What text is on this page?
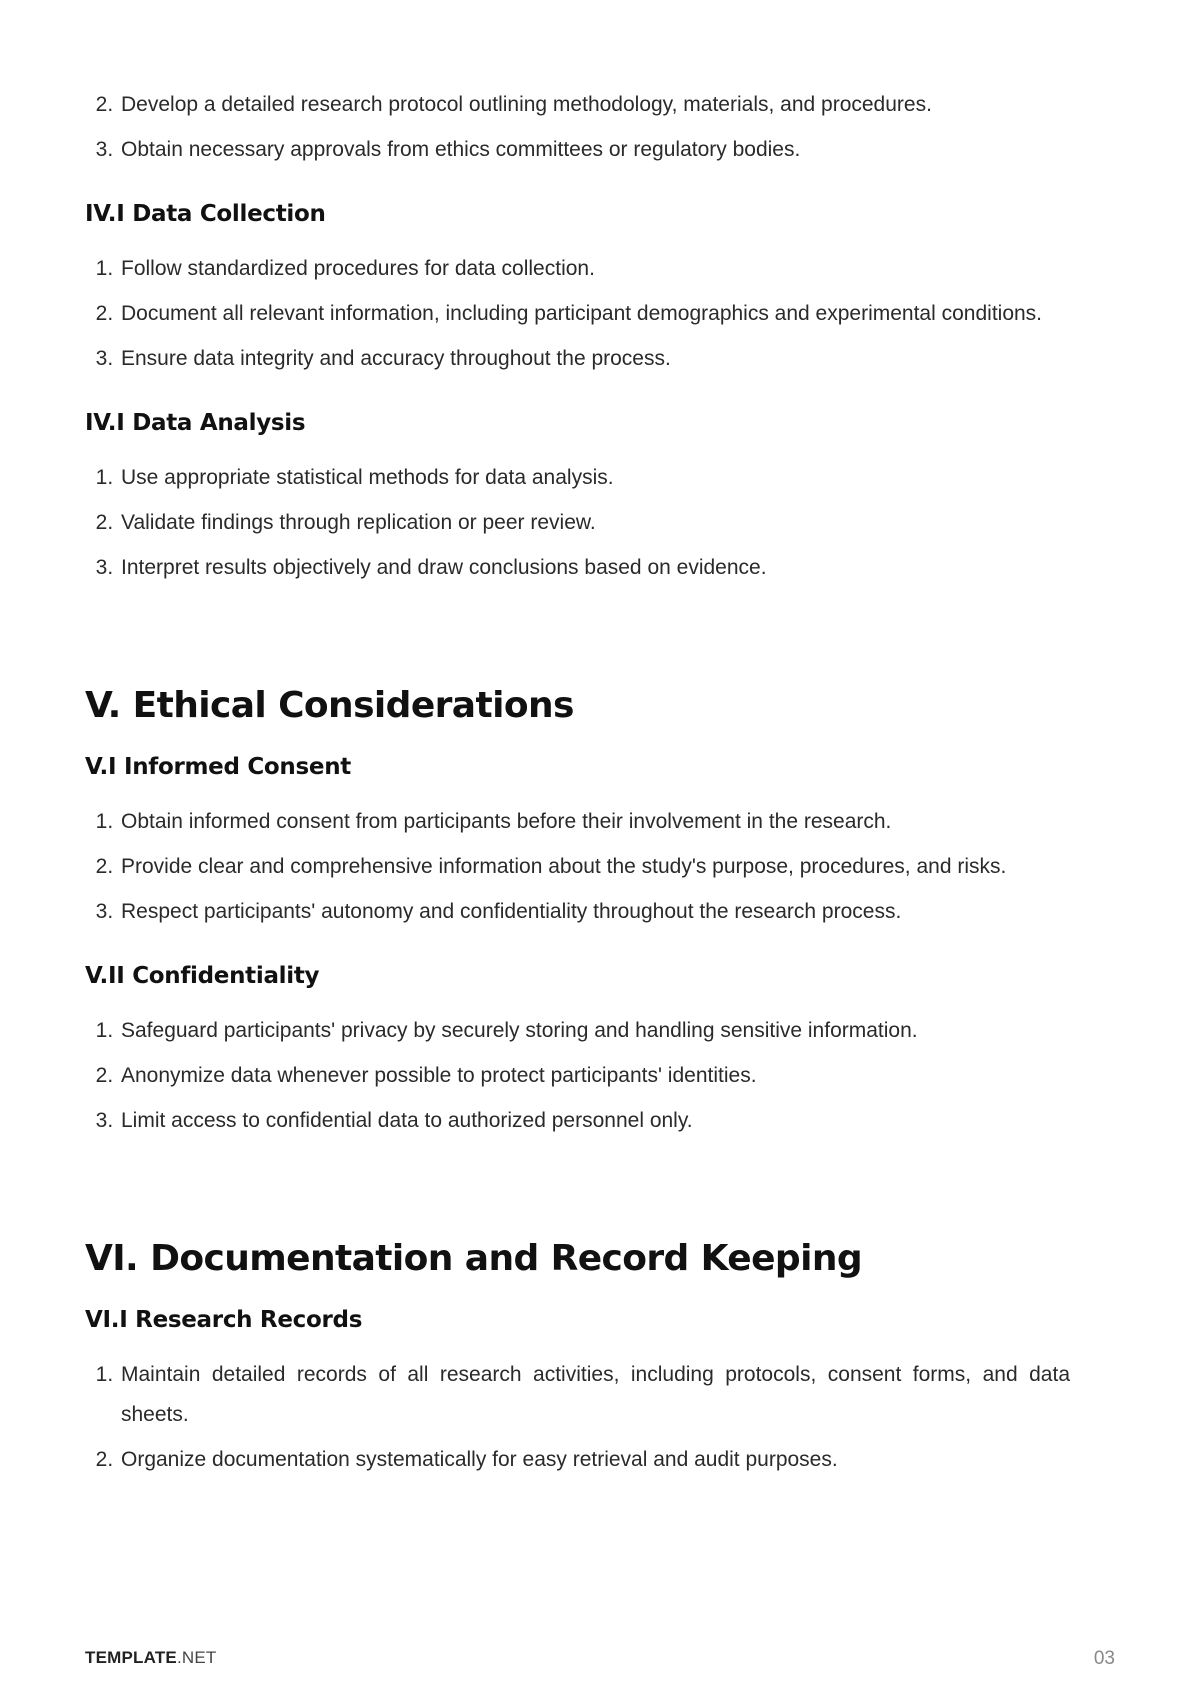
2. Develop a detailed research protocol outlining methodology, materials, and procedures.
3. Obtain necessary approvals from ethics committees or regulatory bodies.
IV.I Data Collection
1. Follow standardized procedures for data collection.
2. Document all relevant information, including participant demographics and experimental conditions.
3. Ensure data integrity and accuracy throughout the process.
IV.I Data Analysis
1. Use appropriate statistical methods for data analysis.
2. Validate findings through replication or peer review.
3. Interpret results objectively and draw conclusions based on evidence.
V. Ethical Considerations
V.I Informed Consent
1. Obtain informed consent from participants before their involvement in the research.
2. Provide clear and comprehensive information about the study's purpose, procedures, and risks.
3. Respect participants' autonomy and confidentiality throughout the research process.
V.II Confidentiality
1. Safeguard participants' privacy by securely storing and handling sensitive information.
2. Anonymize data whenever possible to protect participants' identities.
3. Limit access to confidential data to authorized personnel only.
VI. Documentation and Record Keeping
VI.I Research Records
1. Maintain detailed records of all research activities, including protocols, consent forms, and data sheets.
2. Organize documentation systematically for easy retrieval and audit purposes.
TEMPLATE.NET	03
